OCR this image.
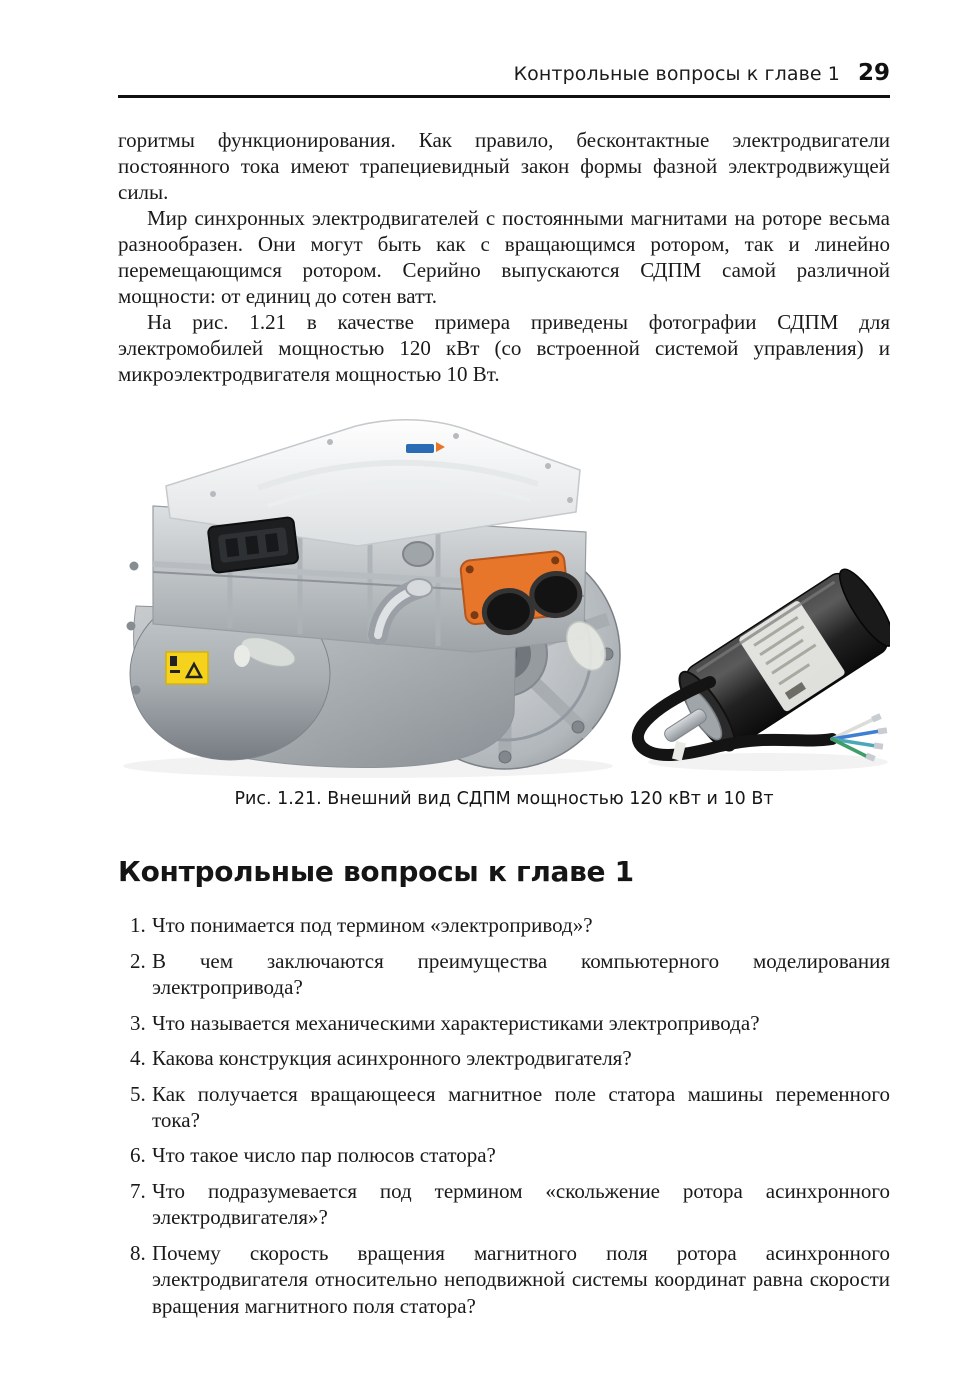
Контрольные вопросы к главе 1 29

горитмы функционирования. Как правило, бесконтактные электродвигатели постоянного тока имеют трапециевидный закон формы фазной электродвижущей силы.

Мир синхронных электродвигателей с постоянными магнитами на роторе весьма разнообразен. Они могут быть как с вращающимся ротором, так и линейно перемещающимся ротором. Серийно выпускаются СДПМ самой различной мощности: от единиц до сотен ватт.

На рис. 1.21 в качестве примера приведены фотографии СДПМ для электромобилей мощностью 120 кВт (со встроенной системой управления) и микроэлектродвигателя мощностью 10 Вт.

Рис. 1.21. Внешний вид СДПМ мощностью 120 кВт и 10 Вт
Контрольные вопросы к главе 1
1. Что понимается под термином «электропривод»?
2. В чем заключаются преимущества компьютерного моделирования электропривода?
3. Что называется механическими характеристиками электропривода?
4. Какова конструкция асинхронного электродвигателя?
5. Как получается вращающееся магнитное поле статора машины переменного тока?
6. Что такое число пар полюсов статора?
7. Что подразумевается под термином «скольжение ротора асинхронного электродвигателя»?
8. Почему скорость вращения магнитного поля ротора асинхронного электродвигателя относительно неподвижной системы координат равна скорости вращения магнитного поля статора?
